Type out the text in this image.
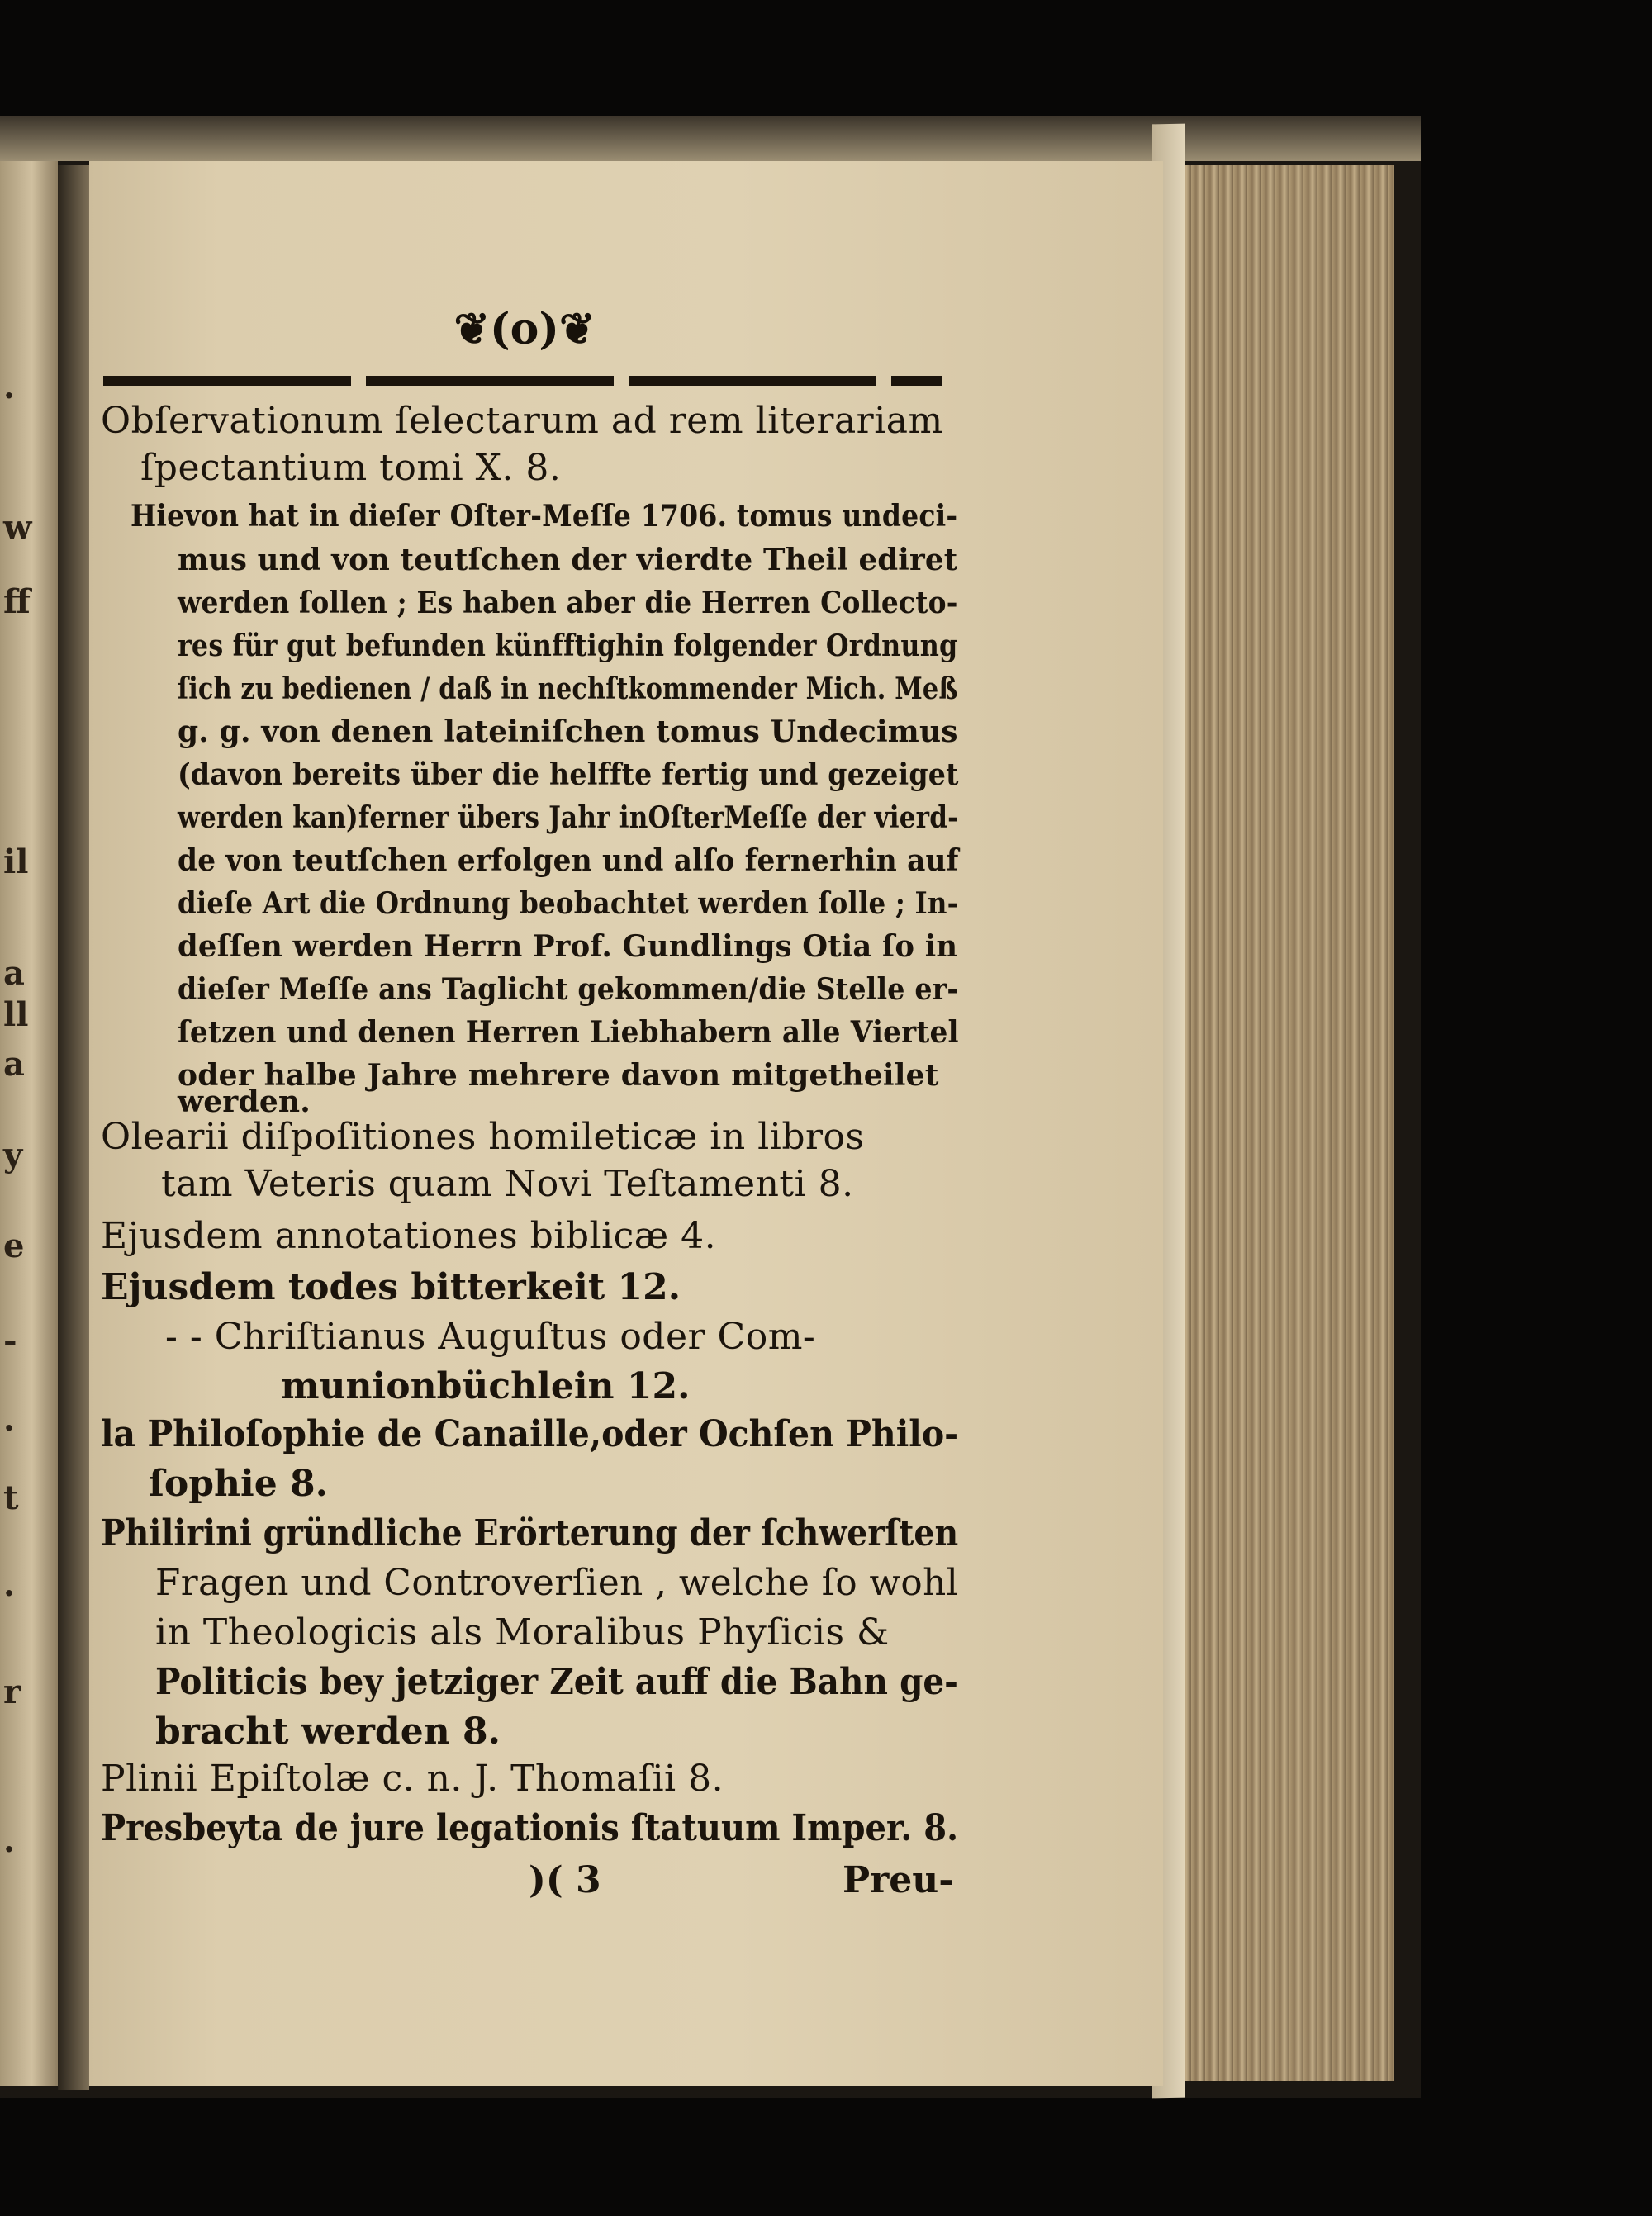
.
w
ff
il
a
ll
a
y
e
-
.
t
.
r
.
❦(o)❦
Obſervationum ſelectarum ad rem literariam
ſpectantium tomi X. 8.
Hievon hat in dieſer Oſter-Meſſe 1706. tomus undeci-
mus und von teutſchen der vierdte Theil ediret
werden ſollen ; Es haben aber die Herren Collecto-
res für gut befunden künfftighin folgender Ordnung
ſich zu bedienen / daß in nechſtkommender Mich. Meß
g. g. von denen lateiniſchen tomus Undecimus
(davon bereits über die helffte fertig und gezeiget
werden kan)ferner übers Jahr inOſterMeſſe der vierd-
de von teutſchen erfolgen und alſo fernerhin auf
dieſe Art die Ordnung beobachtet werden ſolle ; In-
deſſen werden Herrn Prof. Gundlings Otia ſo in
dieſer Meſſe ans Taglicht gekommen/die Stelle er-
ſetzen und denen Herren Liebhabern alle Viertel
oder halbe Jahre mehrere davon mitgetheilet
werden.
Olearii diſpoſitiones homileticæ in libros
tam Veteris quam Novi Teſtamenti 8.
Ejusdem annotationes biblicæ 4.
Ejusdem todes bitterkeit 12.
- - Chriſtianus Auguſtus oder Com-
munionbüchlein 12.
la Philoſophie de Canaille,oder Ochſen Philo-
ſophie 8.
Philirini gründliche Erörterung der ſchwerſten
Fragen und Controverſien , welche ſo wohl
in Theologicis als Moralibus Phyſicis &
Politicis bey jetziger Zeit auff die Bahn ge-
bracht werden 8.
Plinii Epiſtolæ c. n. J. Thomaſii 8.
Presbeyta de jure legationis ſtatuum Imper. 8.
)( 3	Preu-
